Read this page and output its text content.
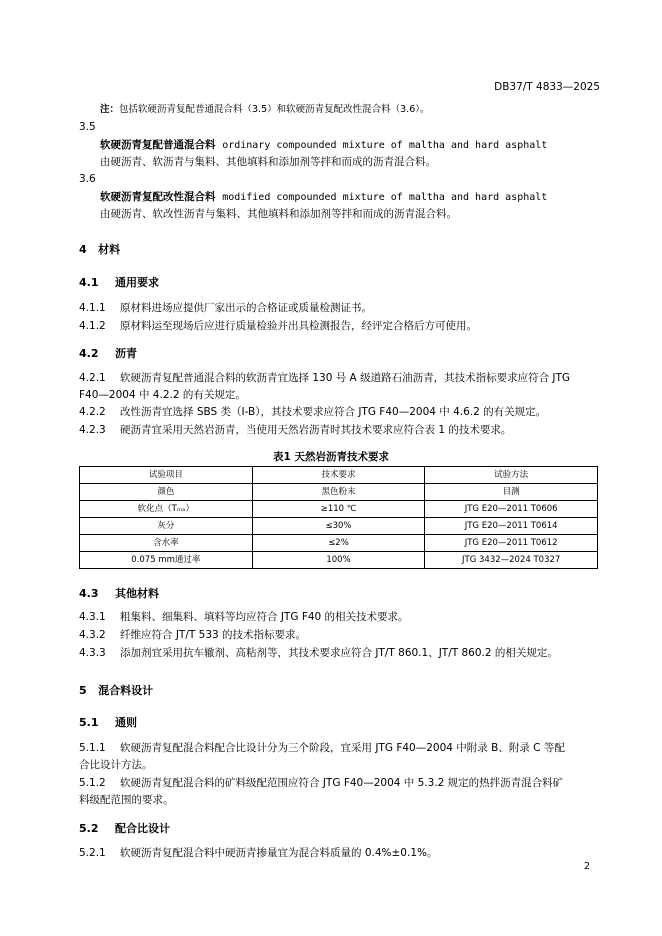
DB37/T 4833—2025
注：包括软硬沥青复配普通混合料（3.5）和软硬沥青复配改性混合料（3.6）。
3.5
软硬沥青复配普通混合料 ordinary compounded mixture of maltha and hard asphalt
由硬沥青、软沥青与集料、其他填料和添加剂等拌和而成的沥青混合料。
3.6
软硬沥青复配改性混合料 modified compounded mixture of maltha and hard asphalt
由硬沥青、软改性沥青与集料、其他填料和添加剂等拌和而成的沥青混合料。
4 材料
4.1 通用要求
4.1.1 原材料进场应提供厂家出示的合格证或质量检测证书。
4.1.2 原材料运至现场后应进行质量检验并出具检测报告，经评定合格后方可使用。
4.2 沥青
4.2.1 软硬沥青复配普通混合料的软沥青宜选择 130 号 A 级道路石油沥青，其技术指标要求应符合 JTG
F40—2004 中 4.2.2 的有关规定。
4.2.2 改性沥青宜选择 SBS 类（I-B），其技术要求应符合 JTG F40—2004 中 4.6.2 的有关规定。
4.2.3 硬沥青宜采用天然岩沥青，当使用天然岩沥青时其技术要求应符合表 1 的技术要求。
表1 天然岩沥青技术要求
试验项目	技术要求	试验方法
颜色	黑色粉末	目测
软化点（Tₘₐ）	≥110 ℃	JTG E20—2011 T0606
灰分	≤30%	JTG E20—2011 T0614
含水率	≤2%	JTG E20—2011 T0612
0.075 mm通过率	100%	JTG 3432—2024 T0327
4.3 其他材料
4.3.1 粗集料、细集料、填料等均应符合 JTG F40 的相关技术要求。
4.3.2 纤维应符合 JT/T 533 的技术指标要求。
4.3.3 添加剂宜采用抗车辙剂、高粘剂等，其技术要求应符合 JT/T 860.1、JT/T 860.2 的相关规定。
5 混合料设计
5.1 通则
5.1.1 软硬沥青复配混合料配合比设计分为三个阶段，宜采用 JTG F40—2004 中附录 B、附录 C 等配
合比设计方法。
5.1.2 软硬沥青复配混合料的矿料级配范围应符合 JTG F40—2004 中 5.3.2 规定的热拌沥青混合料矿
料级配范围的要求。
5.2 配合比设计
5.2.1 软硬沥青复配混合料中硬沥青掺量宜为混合料质量的 0.4%±0.1%。
2
